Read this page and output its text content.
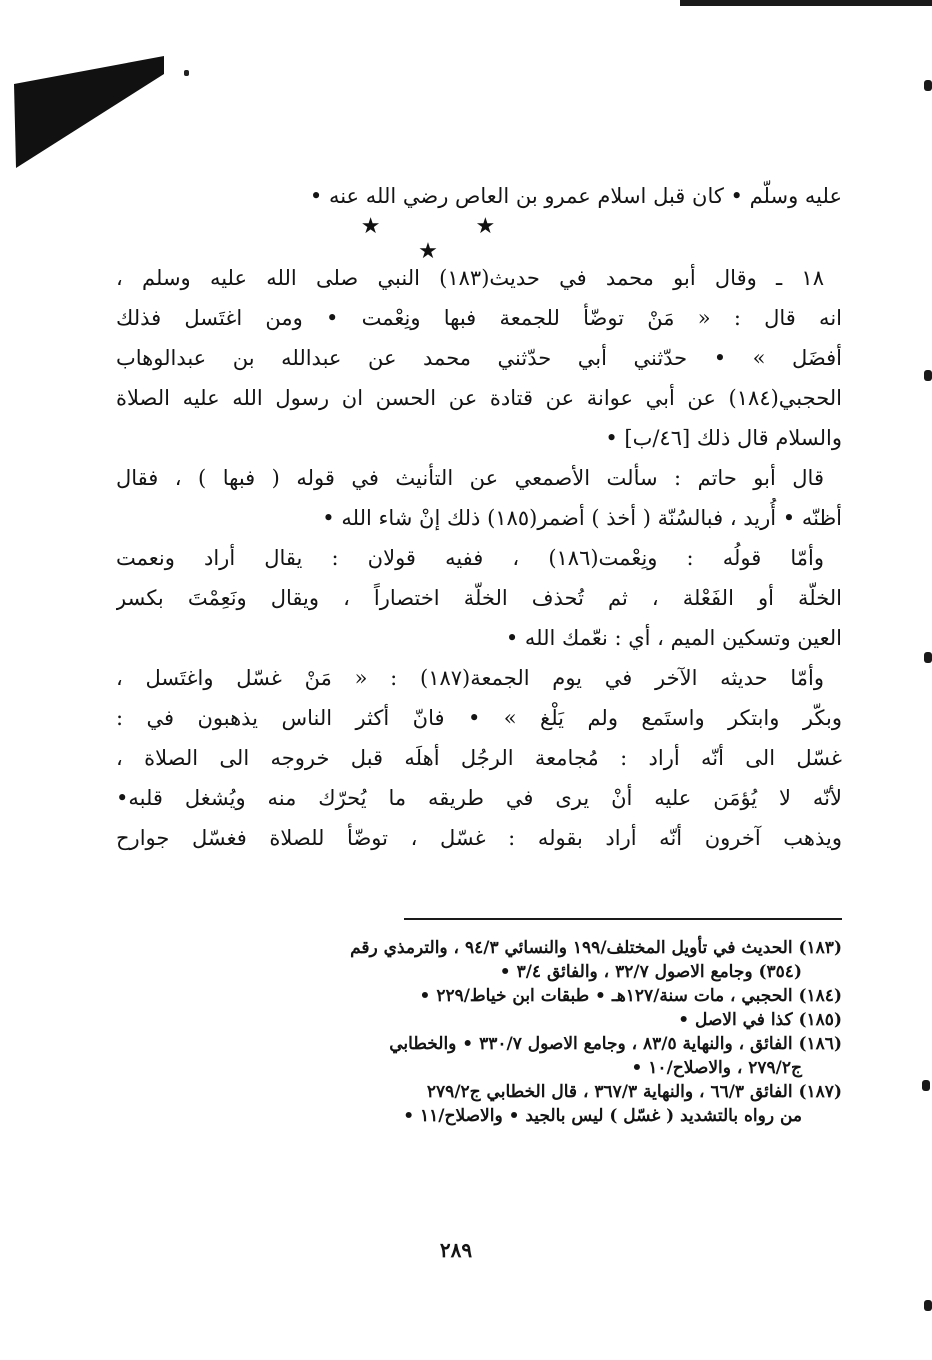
عليه وسلّم • كان قبل اسلام عمرو بن العاص رضي الله عنه •
★ ★ ★
١٨ ـ وقال أبو محمد في حديث(١٨٣) النبي صلى الله عليه وسلم ،
انه قال : « مَنْ توضّأ للجمعة فبها ونِعْمت • ومن اغتَسل فذلك
أفضَل » • حدّثني أبي حدّثني محمد عن عبدالله بن عبدالوهاب
الحجبي(١٨٤) عن أبي عوانة عن قتادة عن الحسن ان رسول الله عليه الصلاة
والسلام قال ذلك [٤٦/ب] •
قال أبو حاتم : سألت الأصمعي عن التأنيث في قوله ( فبها ) ، فقال
أظنّه • أُريد ، فبالسُنّة ( أخذ ) أضمر(١٨٥) ذلك إنْ شاء الله •
وأمّا قولُه : ونِعْمت(١٨٦) ، ففيه قولان : يقال أراد ونعمت
الخلّة أو الفَعْلة ، ثم تُحذف الخلّة اختصاراً ، ويقال ونَعِمْتَ بكسر
العين وتسكين الميم ، أي : نعّمك الله •
وأمّا حديثه الآخر في يوم الجمعة(١٨٧) : « مَنْ غسّل واغتَسل ،
وبكّر وابتكر واستَمع ولم يَلْغ » • فانّ أكثر الناس يذهبون في :
غسّل الى أنّه أراد : مُجامعة الرجُل أهلَه قبل خروجه الى الصلاة ،
لأنّه لا يُؤمَن عليه أنْ يرى في طريقه ما يُحرّك منه ويُشغل قلبه•
ويذهب آخرون أنّه أراد بقوله : غسّل ، توضّأ للصلاة فغسّل جوارح
(١٨٣) الحديث في تأويل المختلف/١٩٩ والنسائي ٩٤/٣ ، والترمذي رقم
(٣٥٤) وجامع الاصول ٣٢/٧ ، والفائق ٣/٤ •
(١٨٤) الحجبي ، مات سنة/١٢٧هـ • طبقات ابن خياط/٢٢٩ •
(١٨٥) كذا في الاصل •
(١٨٦) الفائق ، والنهاية ٨٣/٥ ، وجامع الاصول ٣٣٠/٧ • والخطابي
ج٢٧٩/٢ ، والاصلاح/١٠ •
(١٨٧) الفائق ٦٦/٣ ، والنهاية ٣٦٧/٣ ، قال الخطابي ج٢٧٩/٢
من رواه بالتشديد ( غسّل ) ليس بالجيد • والاصلاح/١١ •
٢٨٩
